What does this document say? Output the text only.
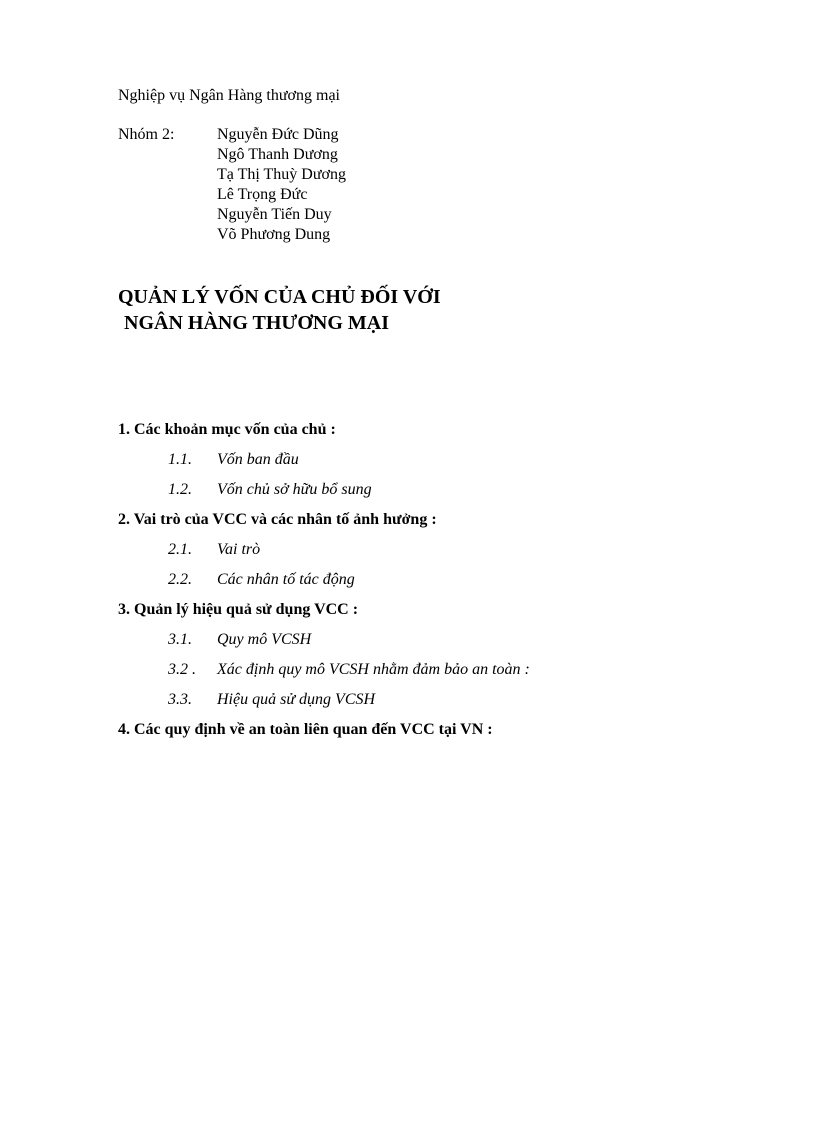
Nghiệp vụ Ngân Hàng thương mại
Nhóm 2:	Nguyễn Đức Dũng
Ngô Thanh Dương
Tạ Thị Thuỳ Dương
Lê Trọng Đức
Nguyễn Tiến Duy
Võ Phương Dung
QUẢN LÝ VỐN CỦA CHỦ ĐỐI VỚI
NGÂN HÀNG THƯƠNG MẠI
1. Các khoản mục vốn của chủ :
1.1. Vốn ban đầu
1.2. Vốn chủ sở hữu bổ sung
2. Vai trò của VCC và các nhân tố ảnh hưởng :
2.1. Vai trò
2.2. Các nhân tố tác động
3. Quản lý hiệu quả sử dụng VCC :
3.1. Quy mô VCSH
3.2 . Xác định quy mô VCSH nhằm đảm bảo an toàn :
3.3. Hiệu quả sử dụng VCSH
4. Các quy định về an toàn liên quan đến VCC tại VN :
